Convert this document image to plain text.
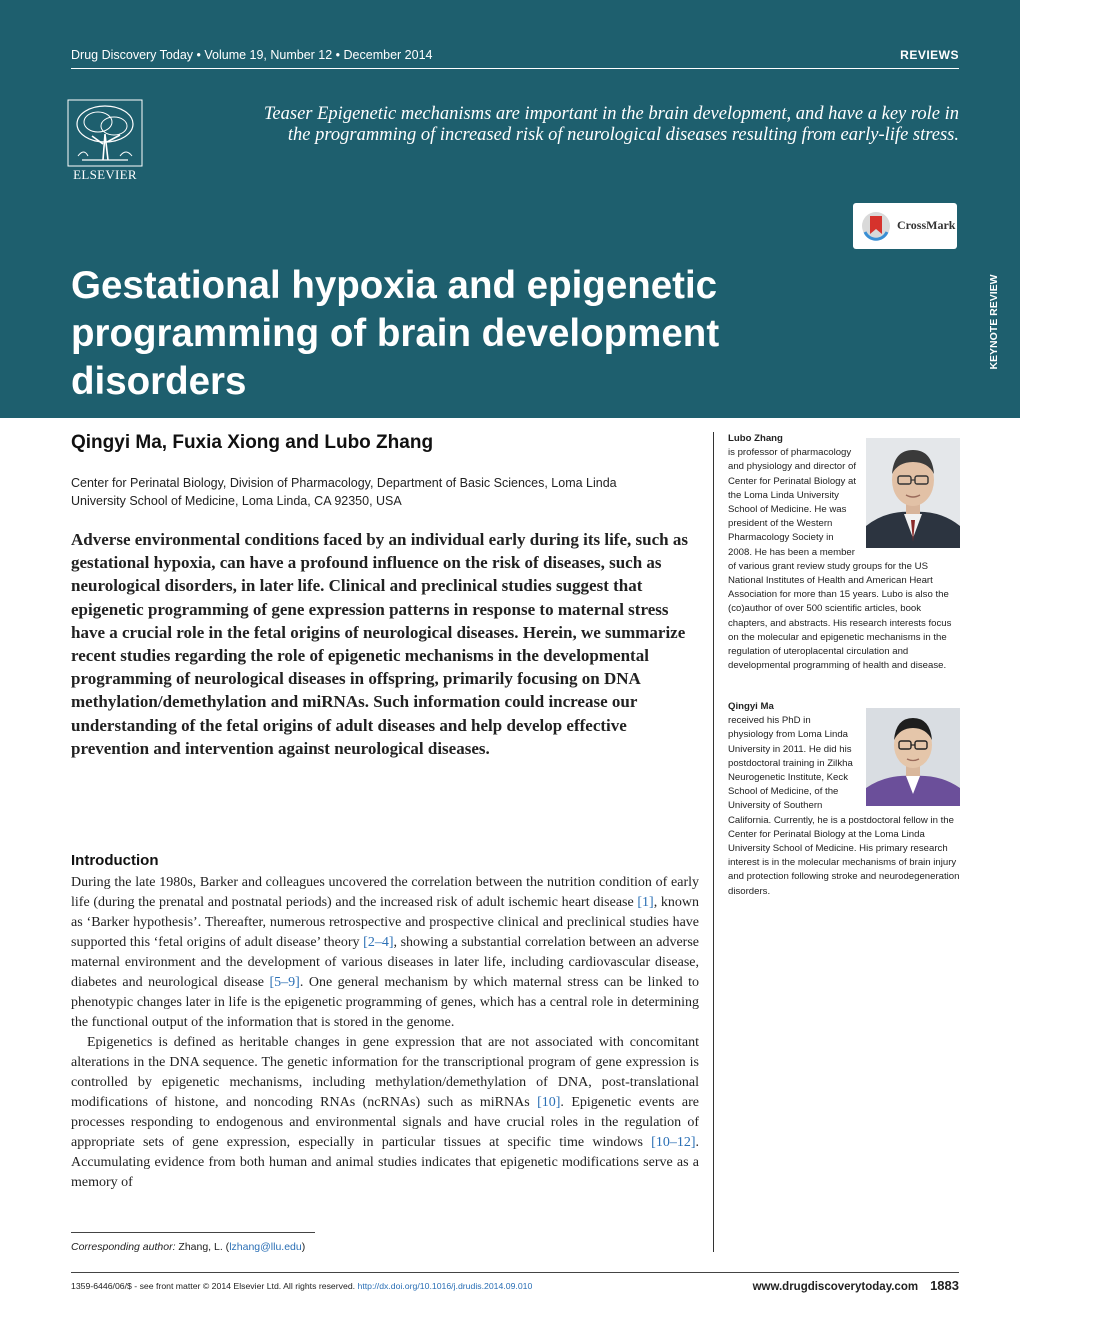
Drug Discovery Today • Volume 19, Number 12 • December 2014	REVIEWS
ELSEVIER
Teaser Epigenetic mechanisms are important in the brain development, and have a key role in the programming of increased risk of neurological diseases resulting from early-life stress.
CrossMark
Gestational hypoxia and epigenetic programming of brain development disorders	Reviews •
KEYNOTE REVIEW
Qingyi Ma, Fuxia Xiong and Lubo Zhang
Center for Perinatal Biology, Division of Pharmacology, Department of Basic Sciences, Loma Linda
University School of Medicine, Loma Linda, CA 92350, USA
Adverse environmental conditions faced by an individual early during its life, such as gestational hypoxia, can have a profound influence on the risk of diseases, such as neurological disorders, in later life. Clinical and preclinical studies suggest that epigenetic programming of gene expression patterns in response to maternal stress have a crucial role in the fetal origins of neurological diseases. Herein, we summarize recent studies regarding the role of epigenetic mechanisms in the developmental programming of neurological diseases in offspring, primarily focusing on DNA methylation/demethylation and miRNAs. Such information could increase our understanding of the fetal origins of adult diseases and help develop effective prevention and intervention against neurological diseases.
Introduction

During the late 1980s, Barker and colleagues uncovered the correlation between the nutrition condition of early life (during the prenatal and postnatal periods) and the increased risk of adult ischemic heart disease [1], known as ‘Barker hypothesis’. Thereafter, numerous retrospective and prospective clinical and preclinical studies have supported this ‘fetal origins of adult disease’ theory [2–4], showing a substantial correlation between an adverse maternal environment and the development of various diseases in later life, including cardiovascular disease, diabetes and neurological disease [5–9]. One general mechanism by which maternal stress can be linked to phenotypic changes later in life is the epigenetic programming of genes, which has a central role in determining the functional output of the information that is stored in the genome.

Epigenetics is defined as heritable changes in gene expression that are not associated with concomitant alterations in the DNA sequence. The genetic information for the transcriptional program of gene expression is controlled by epigenetic mechanisms, including methylation/demethylation of DNA, post-translational modifications of histone, and noncoding RNAs (ncRNAs) such as miRNAs [10]. Epigenetic events are processes responding to endogenous and environmental signals and have crucial roles in the regulation of appropriate sets of gene expression, especially in particular tissues at specific time windows [10–12]. Accumulating evidence from both human and animal studies indicates that epigenetic modifications serve as a memory of

Lubo Zhang
is professor of pharmacology and physiology and director of Center for Perinatal Biology at the Loma Linda University School of Medicine. He was president of the Western Pharmacology Society in 2008. He has been a member of various grant review study groups for the US National Institutes of Health and American Heart Association for more than 15 years. Lubo is also the (co)author of over 500 scientific articles, book chapters, and abstracts. His research interests focus on the molecular and epigenetic mechanisms in the regulation of uteroplacental circulation and developmental programming of health and disease.
Qingyi Ma
received his PhD in physiology from Loma Linda University in 2011. He did his postdoctoral training in Zilkha Neurogenetic Institute, Keck School of Medicine, of the University of Southern California. Currently, he is a postdoctoral fellow in the Center for Perinatal Biology at the Loma Linda University School of Medicine. His primary research interest is in the molecular mechanisms of brain injury and protection following stroke and neurodegeneration disorders.
Corresponding author: Zhang, L. (lzhang@llu.edu)
1359-6446/06/$ - see front matter © 2014 Elsevier Ltd. All rights reserved. http://dx.doi.org/10.1016/j.drudis.2014.09.010	www.drugdiscoverytoday.com 1883
